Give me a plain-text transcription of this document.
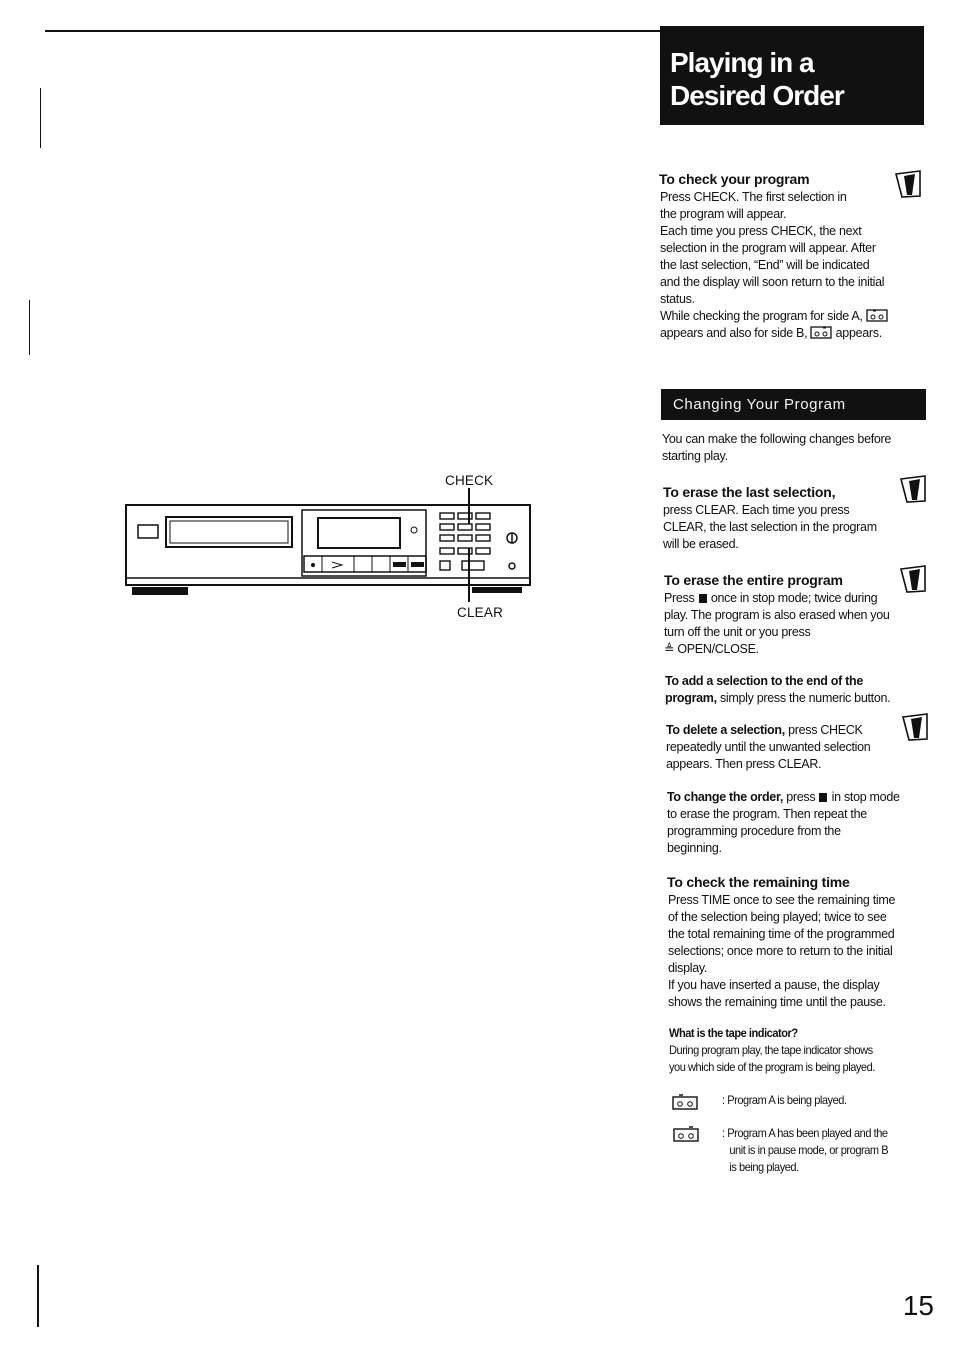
Playing in a Desired Order
CHECK
CLEAR
To check your program
Press CHECK. The first selection in
the program will appear.
Each time you press CHECK, the next
selection in the program will appear. After
the last selection, “End” will be indicated
and the display will soon return to the initial
status.
While checking the program for side A,
appears and also for side B, appears.
Changing Your Program
You can make the following changes before
starting play.
To erase the last selection,
press CLEAR. Each time you press
CLEAR, the last selection in the program
will be erased.
To erase the entire program
Press once in stop mode; twice during
play. The program is also erased when you
turn off the unit or you press
≜ OPEN/CLOSE.
To add a selection to the end of the
program, simply press the numeric button.
To delete a selection, press CHECK
repeatedly until the unwanted selection
appears. Then press CLEAR.
To change the order, press in stop mode
to erase the program. Then repeat the
programming procedure from the
beginning.
To check the remaining time
Press TIME once to see the remaining time
of the selection being played; twice to see
the total remaining time of the programmed
selections; once more to return to the initial
display.
If you have inserted a pause, the display
shows the remaining time until the pause.
What is the tape indicator?
During program play, the tape indicator shows
you which side of the program is being played.
: Program A is being played.
: Program A has been played and the
unit is in pause mode, or program B
is being played.
15
